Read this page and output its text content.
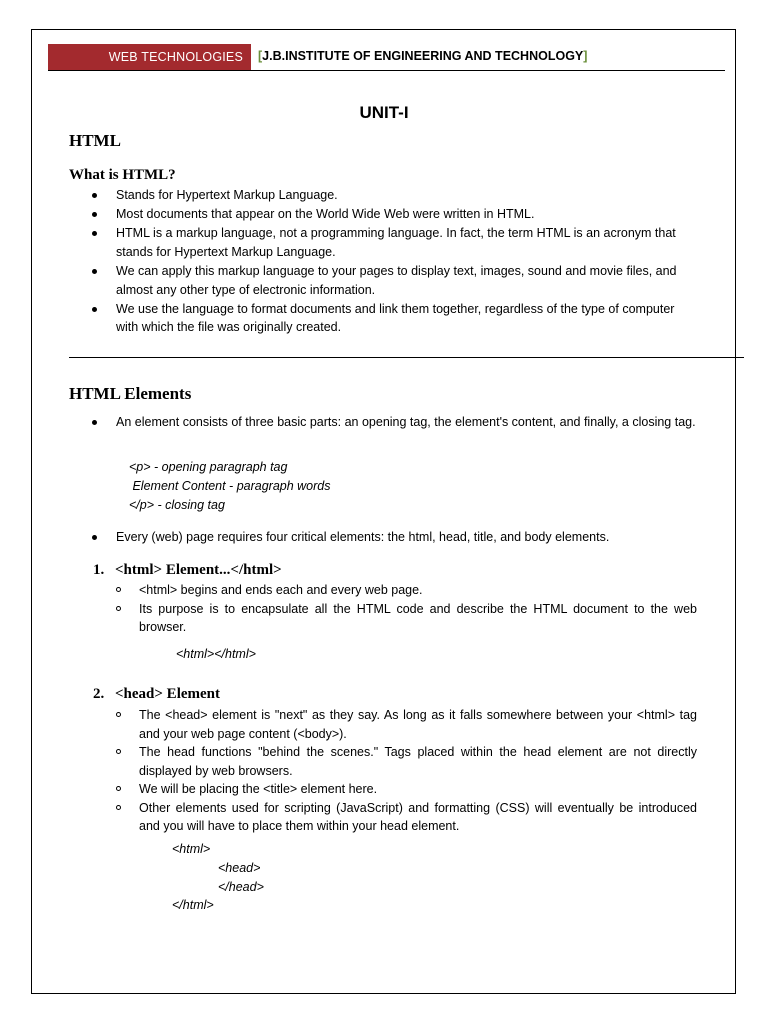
WEB TECHNOLOGIES [J.B.INSTITUTE OF ENGINEERING AND TECHNOLOGY]
UNIT-I
HTML
What is HTML?
Stands for Hypertext Markup Language.
Most documents that appear on the World Wide Web were written in HTML.
HTML is a markup language, not a programming language. In fact, the term HTML is an acronym that stands for Hypertext Markup Language.
We can apply this markup language to your pages to display text, images, sound and movie files, and almost any other type of electronic information.
We use the language to format documents and link them together, regardless of the type of computer with which the file was originally created.
HTML Elements
An element consists of three basic parts: an opening tag, the element's content, and finally, a closing tag.
<p> - opening paragraph tag
Element Content - paragraph words
</p> - closing tag
Every (web) page requires four critical elements: the html, head, title, and body elements.
1. <html> Element...</html>
<html> begins and ends each and every web page.
Its purpose is to encapsulate all the HTML code and describe the HTML document to the web browser.
<html></html>
2. <head> Element
The <head> element is "next" as they say. As long as it falls somewhere between your <html> tag and your web page content (<body>).
The head functions "behind the scenes." Tags placed within the head element are not directly displayed by web browsers.
We will be placing the <title> element here.
Other elements used for scripting (JavaScript) and formatting (CSS) will eventually be introduced and you will have to place them within your head element.
<html>
<head>
</head>
</html>
